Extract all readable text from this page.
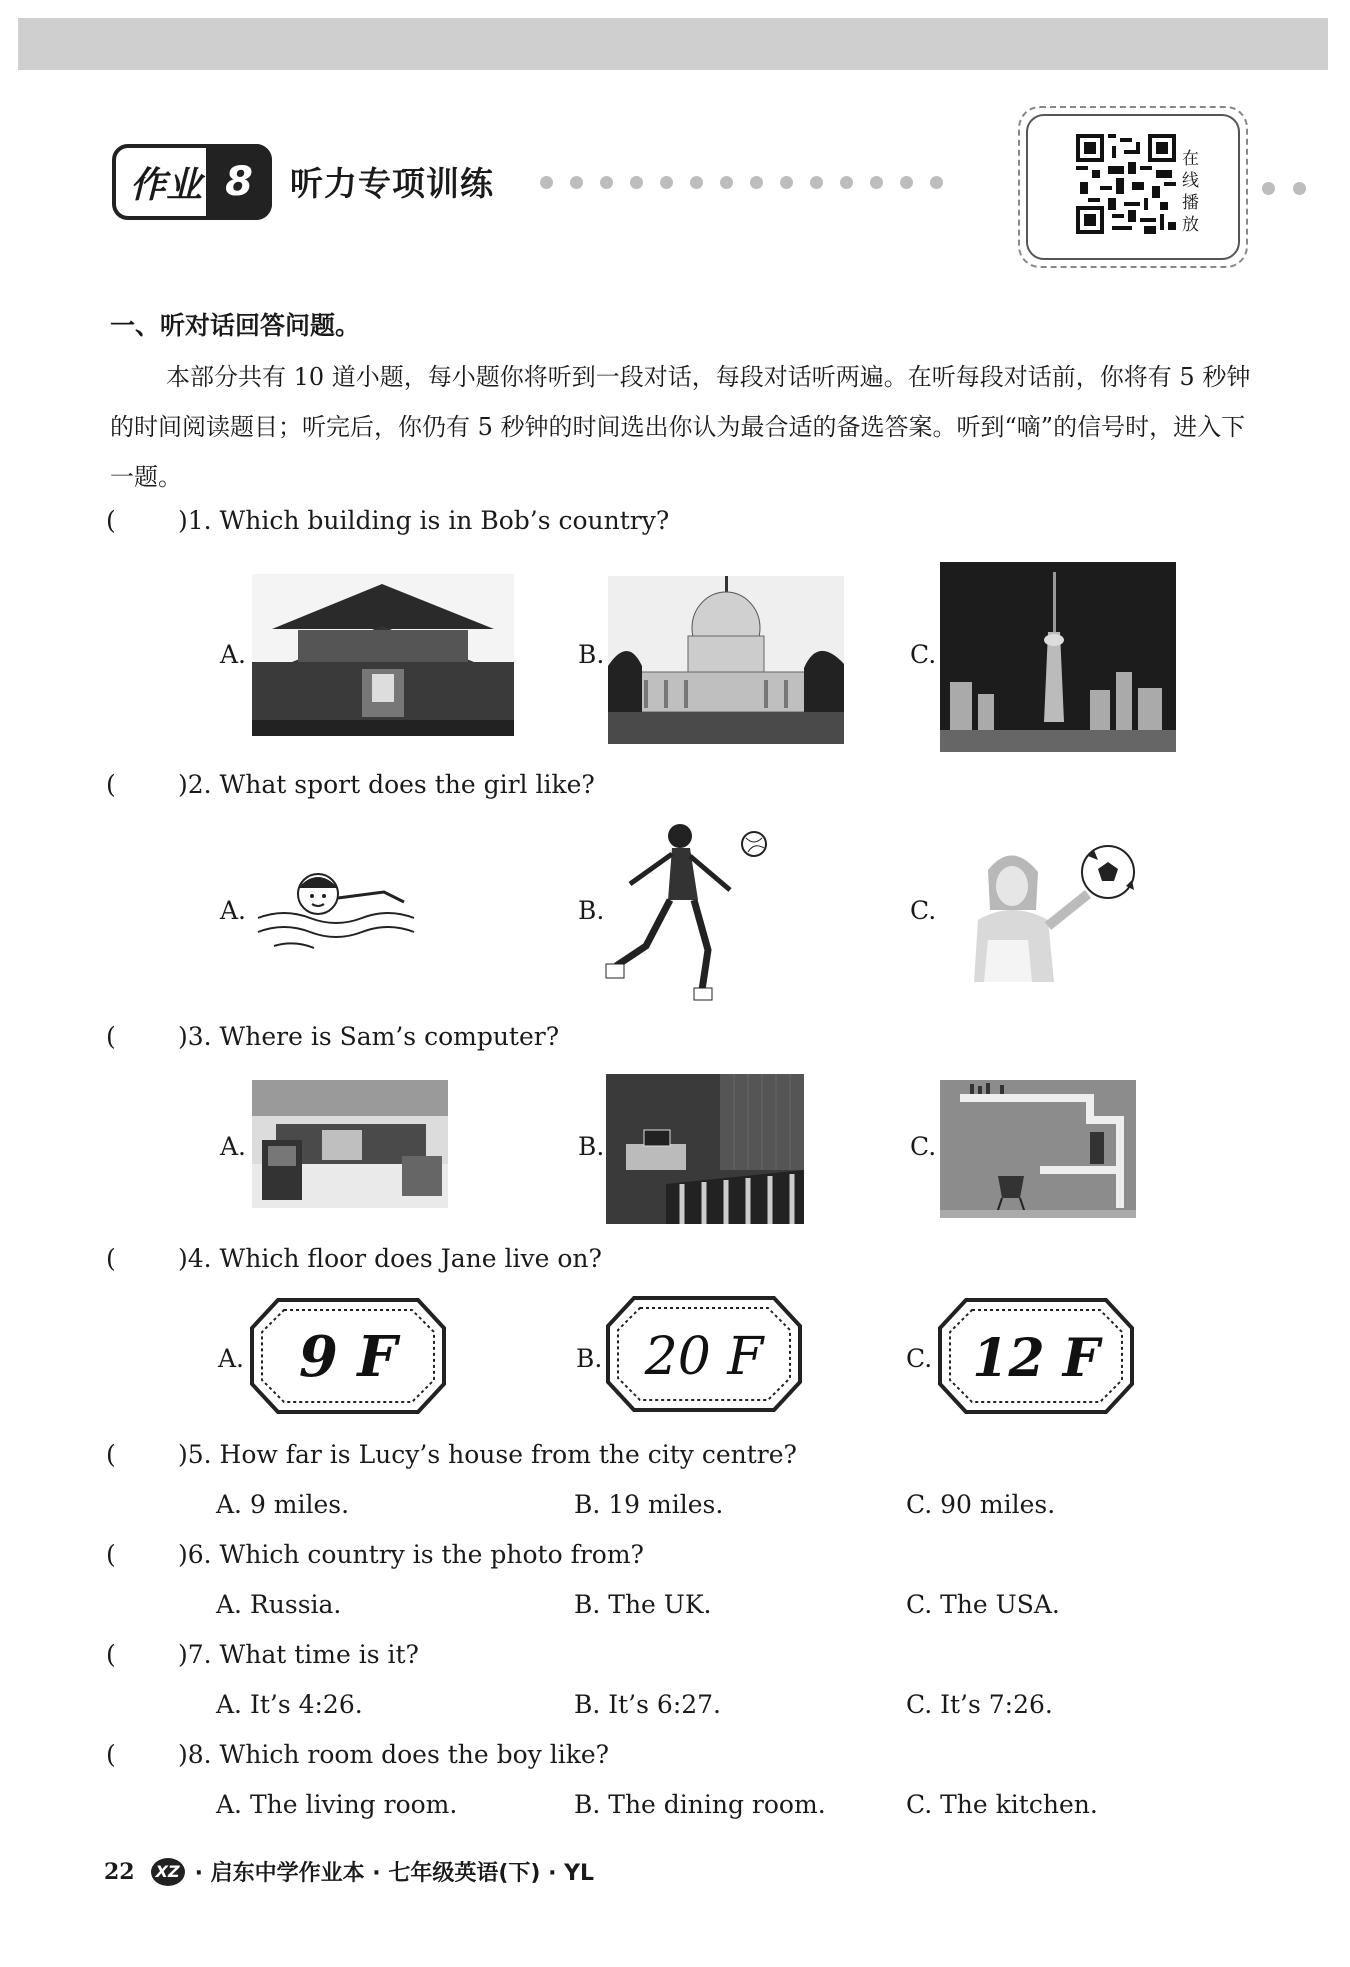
作业 8	听力专项训练
在
线
播
放
一、听对话回答问题。
本部分共有 10 道小题，每小题你将听到一段对话，每段对话听两遍。在听每段对话前，你将有 5 秒钟的时间阅读题目；听完后，你仍有 5 秒钟的时间选出你认为最合适的备选答案。听到“嘀”的信号时，进入下一题。
( )1. Which building is in Bob’s country?
A.	B.	C.
( )2. What sport does the girl like?
A.	B.	C.
( )3. Where is Sam’s computer?
A.	B.	C.
( )4. Which floor does Jane live on?
A.	B.	C.
9 F	20 F	12 F
( )5. How far is Lucy’s house from the city centre?
A. 9 miles.	B. 19 miles.	C. 90 miles.
( )6. Which country is the photo from?
A. Russia.	B. The UK.	C. The USA.
( )7. What time is it?
A. It’s 4:26.	B. It’s 6:27.	C. It’s 7:26.
( )8. Which room does the boy like?
A. The living room.	B. The dining room.	C. The kitchen.
22	XZ · 启东中学作业本 · 七年级英语(下) · YL
